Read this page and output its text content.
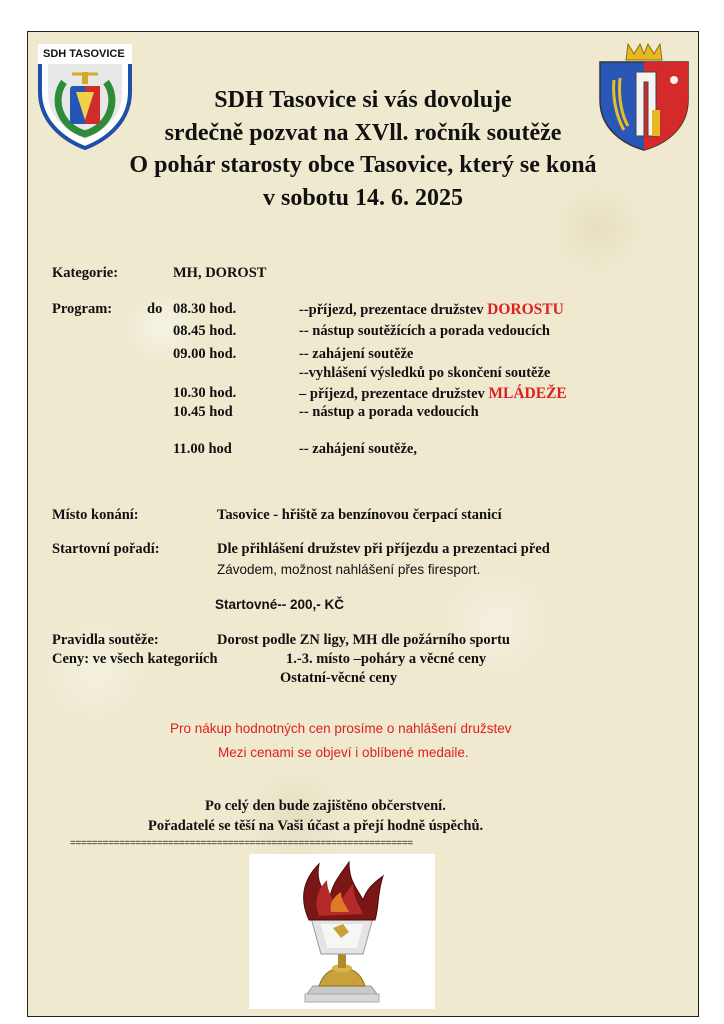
SDH TASOVICE
SDH Tasovice si vás dovoluje
srdečně pozvat na XVll. ročník soutěže
O pohár starosty obce Tasovice, který se koná
v sobotu 14. 6. 2025
Kategorie:	MH, DOROST
Program: do 08.30 hod.	--příjezd, prezentace družstev DOROSTU
08.45 hod.	-- nástup soutěžících a porada vedoucích
09.00 hod.	-- zahájení soutěže
--vyhlášení výsledků po skončení soutěže
10.30 hod.	– příjezd, prezentace družstev MLÁDEŽE
10.45 hod	-- nástup a porada vedoucích
11.00 hod	-- zahájení soutěže,
Místo konání:	Tasovice - hřiště za benzínovou čerpací stanicí
Startovní pořadí:	Dle přihlášení družstev při příjezdu a prezentaci před
Závodem, možnost nahlášení přes firesport.
Startovné-- 200,- KČ
Pravidla soutěže:	Dorost podle ZN ligy, MH dle požárního sportu
Ceny: ve všech kategoriích	1.-3. místo –poháry a věcné ceny
Ostatní-věcné ceny
Pro nákup hodnotných cen prosíme o nahlášení družstev
Mezi cenami se objeví i oblíbené medaile.
Po celý den bude zajištěno občerstvení.
Pořadatelé se těší na Vaši účast a přejí hodně úspěchů.
===============================================================
